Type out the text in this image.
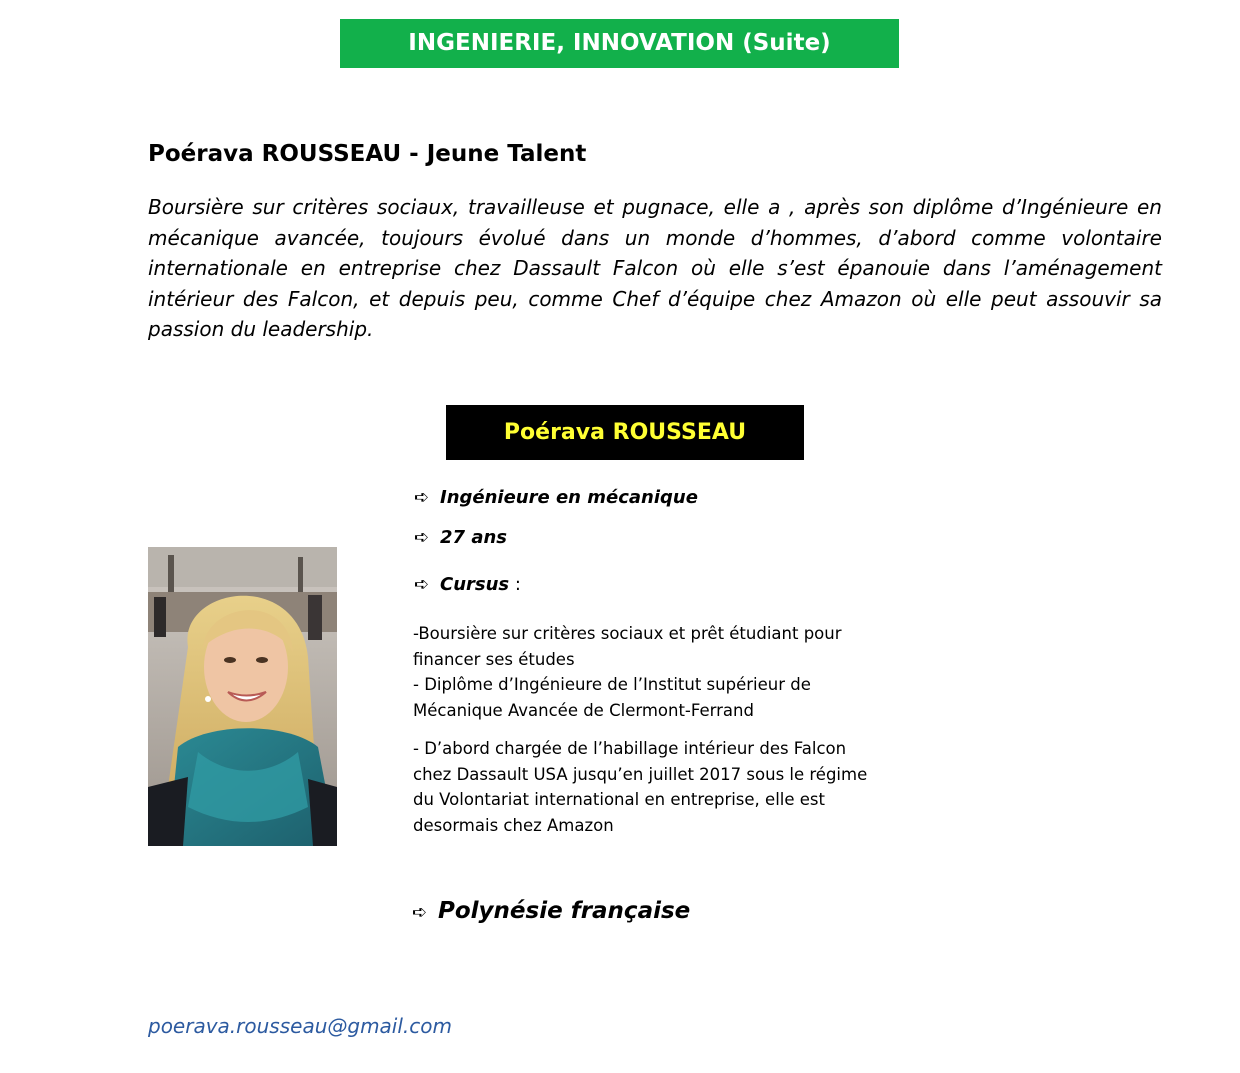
INGENIERIE, INNOVATION (Suite)
Poérava ROUSSEAU - Jeune Talent

Boursière sur critères sociaux, travailleuse et pugnace, elle a , après son diplôme d’Ingénieure en mécanique avancée, toujours évolué dans un monde d’hommes, d’abord comme volontaire internationale en entreprise chez Dassault Falcon où elle s’est épanouie dans l’aménagement intérieur des Falcon, et depuis peu, comme Chef d’équipe chez Amazon où elle peut assouvir sa passion du leadership.

Poérava ROUSSEAU
➪ Ingénieure en mécanique
➪ 27 ans
➪ Cursus :

-Boursière sur critères sociaux et prêt étudiant pour
financer ses études
- Diplôme d’Ingénieure de l’Institut supérieur de
Mécanique Avancée de Clermont-Ferrand

- D’abord chargée de l’habillage intérieur des Falcon
chez Dassault USA jusqu’en juillet 2017 sous le régime
du Volontariat international en entreprise, elle est
desormais chez Amazon

➪ Polynésie française
poerava.rousseau@gmail.com
